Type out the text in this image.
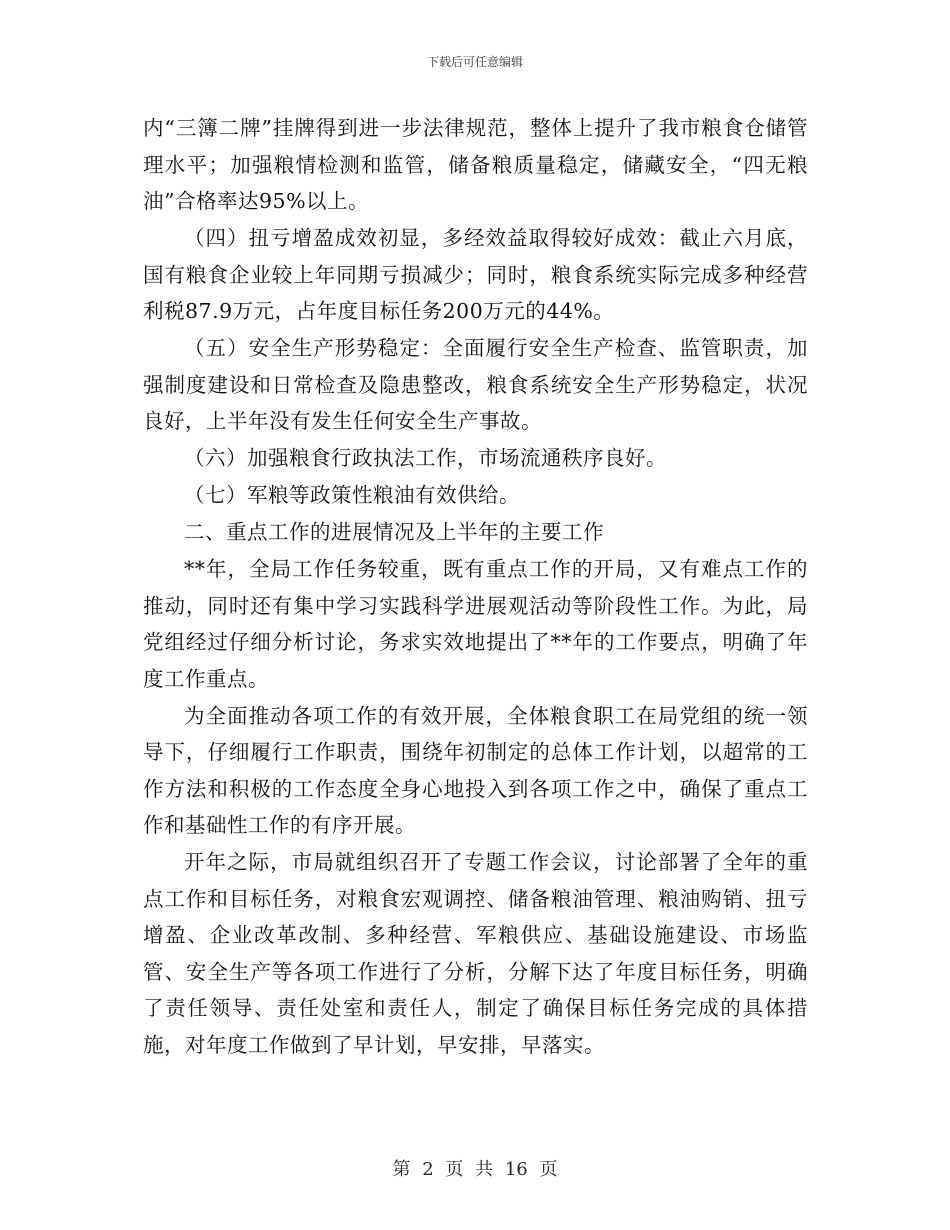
下载后可任意编辑

内“三簿二牌”挂牌得到进一步法律规范，整体上提升了我市粮食仓储管理水平；加强粮情检测和监管，储备粮质量稳定，储藏安全，“四无粮油”合格率达95%以上。

（四）扭亏增盈成效初显，多经效益取得较好成效：截止六月底，国有粮食企业较上年同期亏损减少；同时，粮食系统实际完成多种经营利税87.9万元，占年度目标任务200万元的44%。

（五）安全生产形势稳定：全面履行安全生产检查、监管职责，加强制度建设和日常检查及隐患整改，粮食系统安全生产形势稳定，状况良好，上半年没有发生任何安全生产事故。

（六）加强粮食行政执法工作，市场流通秩序良好。

（七）军粮等政策性粮油有效供给。

二、重点工作的进展情况及上半年的主要工作

**年，全局工作任务较重，既有重点工作的开局，又有难点工作的推动，同时还有集中学习实践科学进展观活动等阶段性工作。为此，局党组经过仔细分析讨论，务求实效地提出了**年的工作要点，明确了年度工作重点。

为全面推动各项工作的有效开展，全体粮食职工在局党组的统一领导下，仔细履行工作职责，围绕年初制定的总体工作计划，以超常的工作方法和积极的工作态度全身心地投入到各项工作之中，确保了重点工作和基础性工作的有序开展。

开年之际，市局就组织召开了专题工作会议，讨论部署了全年的重点工作和目标任务，对粮食宏观调控、储备粮油管理、粮油购销、扭亏增盈、企业改革改制、多种经营、军粮供应、基础设施建设、市场监管、安全生产等各项工作进行了分析，分解下达了年度目标任务，明确了责任领导、责任处室和责任人，制定了确保目标任务完成的具体措施，对年度工作做到了早计划，早安排，早落实。

第 2 页 共 16 页
